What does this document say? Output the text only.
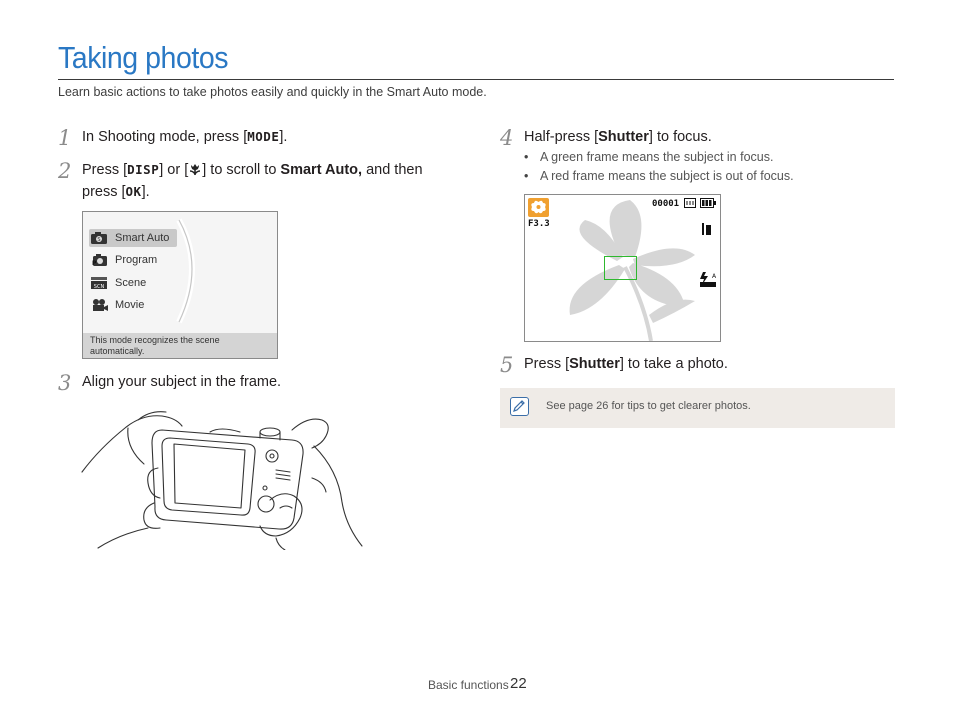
Taking photos
Learn basic actions to take photos easily and quickly in the Smart Auto mode.
1 In Shooting mode, press [MODE].
2 Press [DISP] or [ ] to scroll to Smart Auto, and then
press [OK].
S Smart Auto
P Program
SCN Scene
Movie
This mode recognizes the scene
automatically.
3 Align your subject in the frame.
4 Half-press [Shutter] to focus.
• A green frame means the subject in focus.
• A red frame means the subject is out of focus.
00001
F3.3
A
5 Press [Shutter] to take a photo.
See page 26 for tips to get clearer photos.
Basic functions 22
